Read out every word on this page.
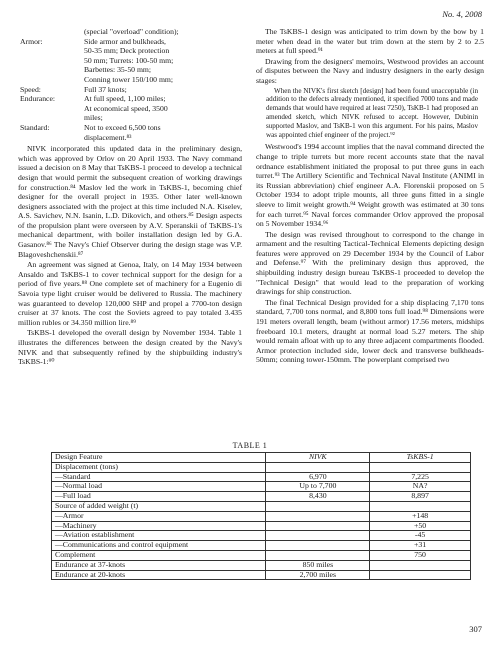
No. 4, 2008
(special "overload" condition);
Armor:	Side armor and bulkheads,
50-35 mm; Deck protection
50 mm; Turrets: 100-50 mm;
Barbettes: 35-50 mm;
Conning tower 150/100 mm;
Speed:	Full 37 knots;
Endurance:	At full speed, 1,100 miles;
At economical speed, 3500
miles;
Standard:	Not to exceed 6,500 tons
displacement.⁸³

NIVK incorporated this updated data in the preliminary design, which was approved by Orlov on 20 April 1933. The Navy command issued a decision on 8 May that TsKBS-1 proceed to develop a technical design that would permit the subsequent creation of working drawings for construction.⁸⁴ Maslov led the work in TsKBS-1, becoming chief designer for the overall project in 1935. Other later well-known designers associated with the project at this time included N.A. Kiselev, A.S. Savichev, N.N. Isanin, L.D. Dikovich, and others.⁸⁵ Design aspects of the propulsion plant were overseen by A.V. Speranskii of TsKBS-1's mechanical department, with boiler installation design led by G.A. Gasanov.⁸⁶ The Navy's Chief Observer during the design stage was V.P. Blagoveshchenskii.⁸⁷

An agreement was signed at Genoa, Italy, on 14 May 1934 between Ansaldo and TsKBS-1 to cover technical support for the design for a period of five years.⁸⁸ One complete set of machinery for a Eugenio di Savoia type light cruiser would be delivered to Russia. The machinery was guaranteed to develop 120,000 SHP and propel a 7700-ton design cruiser at 37 knots. The cost the Soviets agreed to pay totaled 3.435 million rubles or 34.350 million lire.⁸⁹

TsKBS-1 developed the overall design by November 1934. Table 1 illustrates the differences between the design created by the Navy's NIVK and that subsequently refined by the shipbuilding industry's TsKBS-1:⁹⁰

The TsKBS-1 design was anticipated to trim down by the bow by 1 meter when dead in the water but trim down at the stern by 2 to 2.5 meters at full speed.⁹¹

Drawing from the designers' memoirs, Westwood provides an account of disputes between the Navy and industry designers in the early design stages:

When the NIVK's first sketch [design] had been found unacceptable (in addition to the defects already mentioned, it specified 7000 tons and made demands that would have required at least 7250), TsKB-1 had proposed an amended sketch, which NIVK refused to accept. However, Dubinin supported Maslov, and TsKB-1 won this argument. For his pains, Maslov was appointed chief engineer of the project.⁹²

Westwood's 1994 account implies that the naval command directed the change to triple turrets but more recent accounts state that the naval ordnance establishment initiated the proposal to put three guns in each turret.⁹³ The Artillery Scientific and Technical Naval Institute (ANIMI in its Russian abbreviation) chief engineer A.A. Florenskii proposed on 5 October 1934 to adopt triple mounts, all three guns fitted in a single sleeve to limit weight growth.⁹⁴ Weight growth was estimated at 30 tons for each turret.⁹⁵ Naval forces commander Orlov approved the proposal on 5 November 1934.⁹⁶

The design was revised throughout to correspond to the change in armament and the resulting Tactical-Technical Elements depicting design features were approved on 29 December 1934 by the Council of Labor and Defense.⁹⁷ With the preliminary design thus approved, the shipbuilding industry design bureau TsKBS-1 proceeded to develop the "Technical Design" that would lead to the preparation of working drawings for ship construction.

The final Technical Design provided for a ship displacing 7,170 tons standard, 7,700 tons normal, and 8,800 tons full load.⁹⁸ Dimensions were 191 meters overall length, beam (without armor) 17.56 meters, midships freeboard 10.1 meters, draught at normal load 5.27 meters. The ship would remain afloat with up to any three adjacent compartments flooded. Armor protection included side, lower deck and transverse bulkheads-50mm; conning tower-150mm. The powerplant comprised two

TABLE 1
Design Feature	NIVK	TsKBS-1
Displacement (tons)		
—Standard	6,970	7,225
—Normal load	Up to 7,700	NA?
—Full load	8,430	8,897
Source of added weight (t)		
—Armor		+148
—Machinery		+50
—Aviation establishment		-45
—Communications and control equipment		+31
Complement		750
Endurance at 37-knots	850 miles	
Endurance at 20-knots	2,700 miles	
307
